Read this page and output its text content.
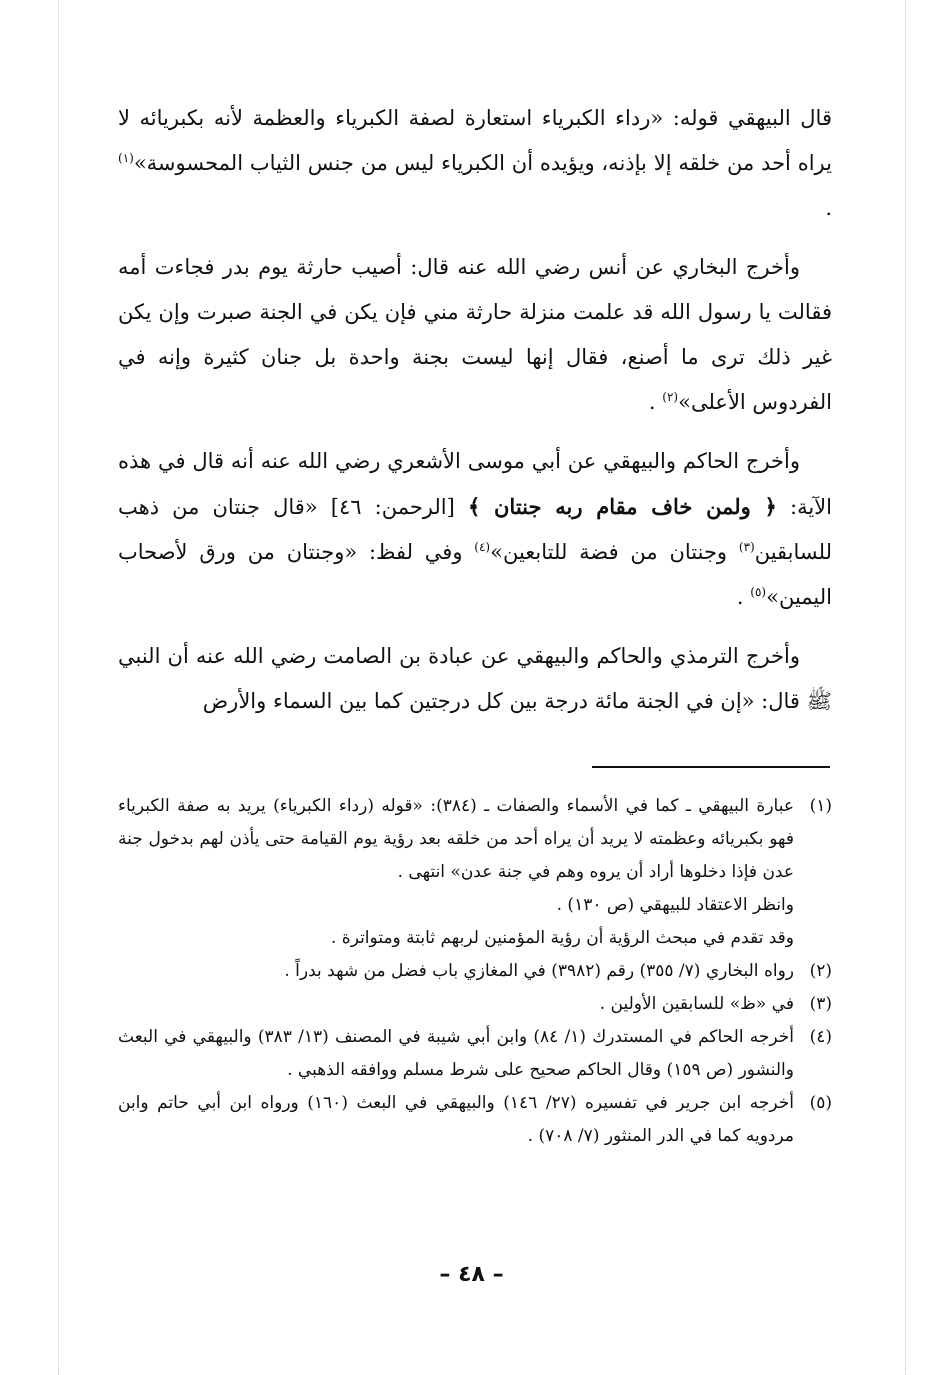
قال البيهقي قوله: «رداء الكبرياء استعارة لصفة الكبرياء والعظمة لأنه بكبريائه لا يراه أحد من خلقه إلا بإذنه، ويؤيده أن الكبرياء ليس من جنس الثياب المحسوسة»$^{(١)}$ .

وأخرج البخاري عن أنس رضي الله عنه قال: أصيب حارثة يوم بدر فجاءت أمه فقالت يا رسول الله قد علمت منزلة حارثة مني فإن يكن في الجنة صبرت وإن يكن غير ذلك ترى ما أصنع، فقال إنها ليست بجنة واحدة بل جنان كثيرة وإنه في الفردوس الأعلى»$^{(٢)}$ .

وأخرج الحاكم والبيهقي عن أبي موسى الأشعري رضي الله عنه أنه قال في هذه الآية: ﴿ ولمن خاف مقام ربه جنتان ﴾ [الرحمن: ٤٦] «قال جنتان من ذهب للسابقين$^{(٣)}$ وجنتان من فضة للتابعين»$^{(٤)}$ وفي لفظ: «وجنتان من ورق لأصحاب اليمين»$^{(٥)}$ .

وأخرج الترمذي والحاكم والبيهقي عن عبادة بن الصامت رضي الله عنه أن النبي ﷺ قال: «إن في الجنة مائة درجة بين كل درجتين كما بين السماء والأرض

(١)
عبارة البيهقي ـ كما في الأسماء والصفات ـ (٣٨٤): «قوله (رداء الكبرياء) يريد به صفة الكبرياء فهو بكبريائه وعظمته لا يريد أن يراه أحد من خلقه بعد رؤية يوم القيامة حتى يأذن لهم بدخول جنة عدن فإذا دخلوها أراد أن يروه وهم في جنة عدن» انتهى .
وانظر الاعتقاد للبيهقي (ص ١٣٠) .
وقد تقدم في مبحث الرؤية أن رؤية المؤمنين لربهم ثابتة ومتواترة .
(٢)
رواه البخاري (٧/ ٣٥٥) رقم (٣٩٨٢) في المغازي باب فضل من شهد بدراً .
(٣)
في «ظ» للسابقين الأولين .
(٤)
أخرجه الحاكم في المستدرك (١/ ٨٤) وابن أبي شيبة في المصنف (١٣/ ٣٨٣) والبيهقي في البعث والنشور (ص ١٥٩) وقال الحاكم صحيح على شرط مسلم ووافقه الذهبي .
(٥)
أخرجه ابن جرير في تفسيره (٢٧/ ١٤٦) والبيهقي في البعث (١٦٠) ورواه ابن أبي حاتم وابن مردويه كما في الدر المنثور (٧/ ٧٠٨) .
– ٤٨ –
